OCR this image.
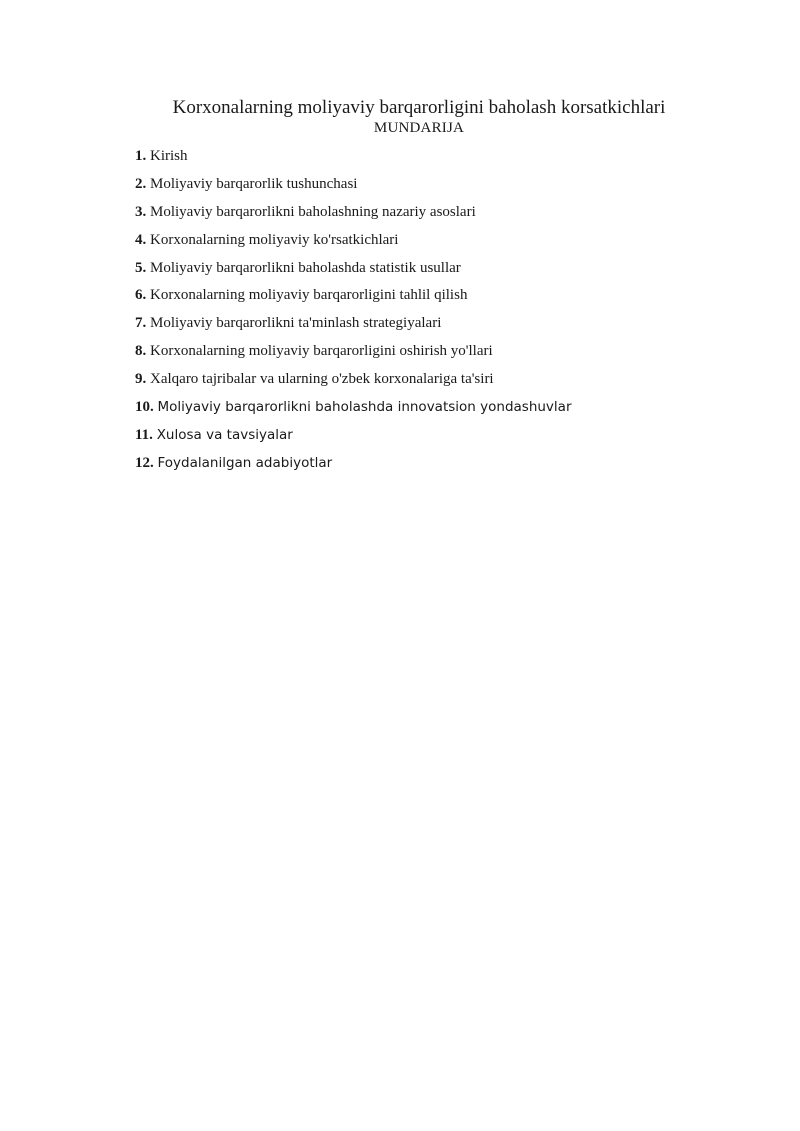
Korxonalarning moliyaviy barqarorligini baholash korsatkichlari
MUNDARIJA
1. Kirish
2. Moliyaviy barqarorlik tushunchasi
3. Moliyaviy barqarorlikni baholashning nazariy asoslari
4. Korxonalarning moliyaviy ko'rsatkichlari
5. Moliyaviy barqarorlikni baholashda statistik usullar
6. Korxonalarning moliyaviy barqarorligini tahlil qilish
7. Moliyaviy barqarorlikni ta'minlash strategiyalari
8. Korxonalarning moliyaviy barqarorligini oshirish yo'llari
9. Xalqaro tajribalar va ularning o'zbek korxonalariga ta'siri
10. Moliyaviy barqarorlikni baholashda innovatsion yondashuvlar
11. Xulosa va tavsiyalar
12. Foydalanilgan adabiyotlar
